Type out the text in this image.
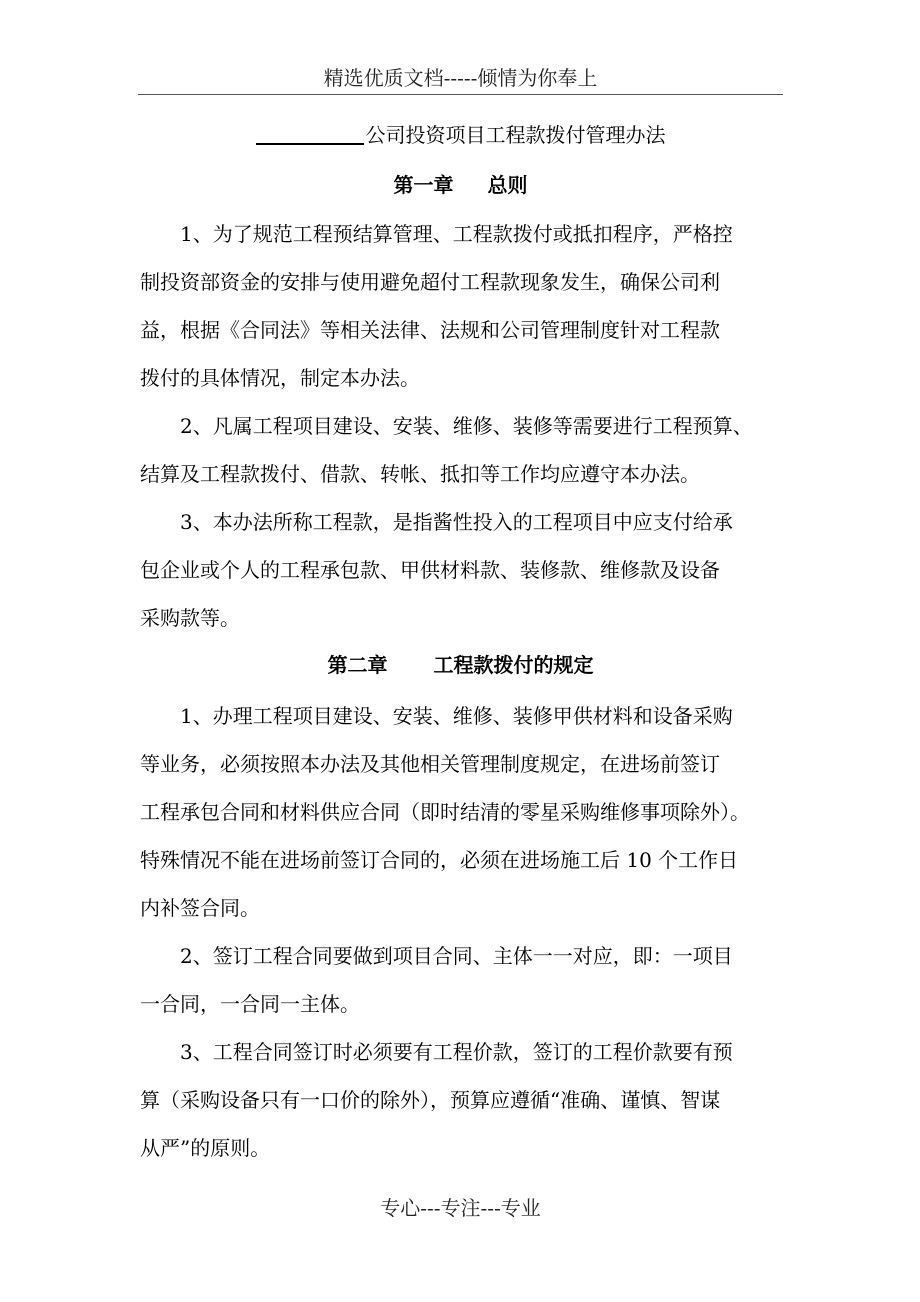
精选优质文档-----倾情为你奉上
公司投资项目工程款拨付管理办法
第一章 总则
1、为了规范工程预结算管理、工程款拨付或抵扣程序，严格控
制投资部资金的安排与使用避免超付工程款现象发生，确保公司利
益，根据《合同法》等相关法律、法规和公司管理制度针对工程款
拨付的具体情况，制定本办法。
2、凡属工程项目建设、安装、维修、装修等需要进行工程预算、
结算及工程款拨付、借款、转帐、抵扣等工作均应遵守本办法。
3、本办法所称工程款，是指酱性投入的工程项目中应支付给承
包企业或个人的工程承包款、甲供材料款、装修款、维修款及设备
采购款等。
第二章 工程款拨付的规定
1、办理工程项目建设、安装、维修、装修甲供材料和设备采购
等业务，必须按照本办法及其他相关管理制度规定，在进场前签订
工程承包合同和材料供应合同（即时结清的零星采购维修事项除外）。
特殊情况不能在进场前签订合同的，必须在进场施工后 10 个工作日
内补签合同。
2、签订工程合同要做到项目合同、主体一一对应，即：一项目
一合同，一合同一主体。
3、工程合同签订时必须要有工程价款，签订的工程价款要有预
算（采购设备只有一口价的除外），预算应遵循“准确、谨慎、智谋
从严”的原则。
专心---专注---专业
